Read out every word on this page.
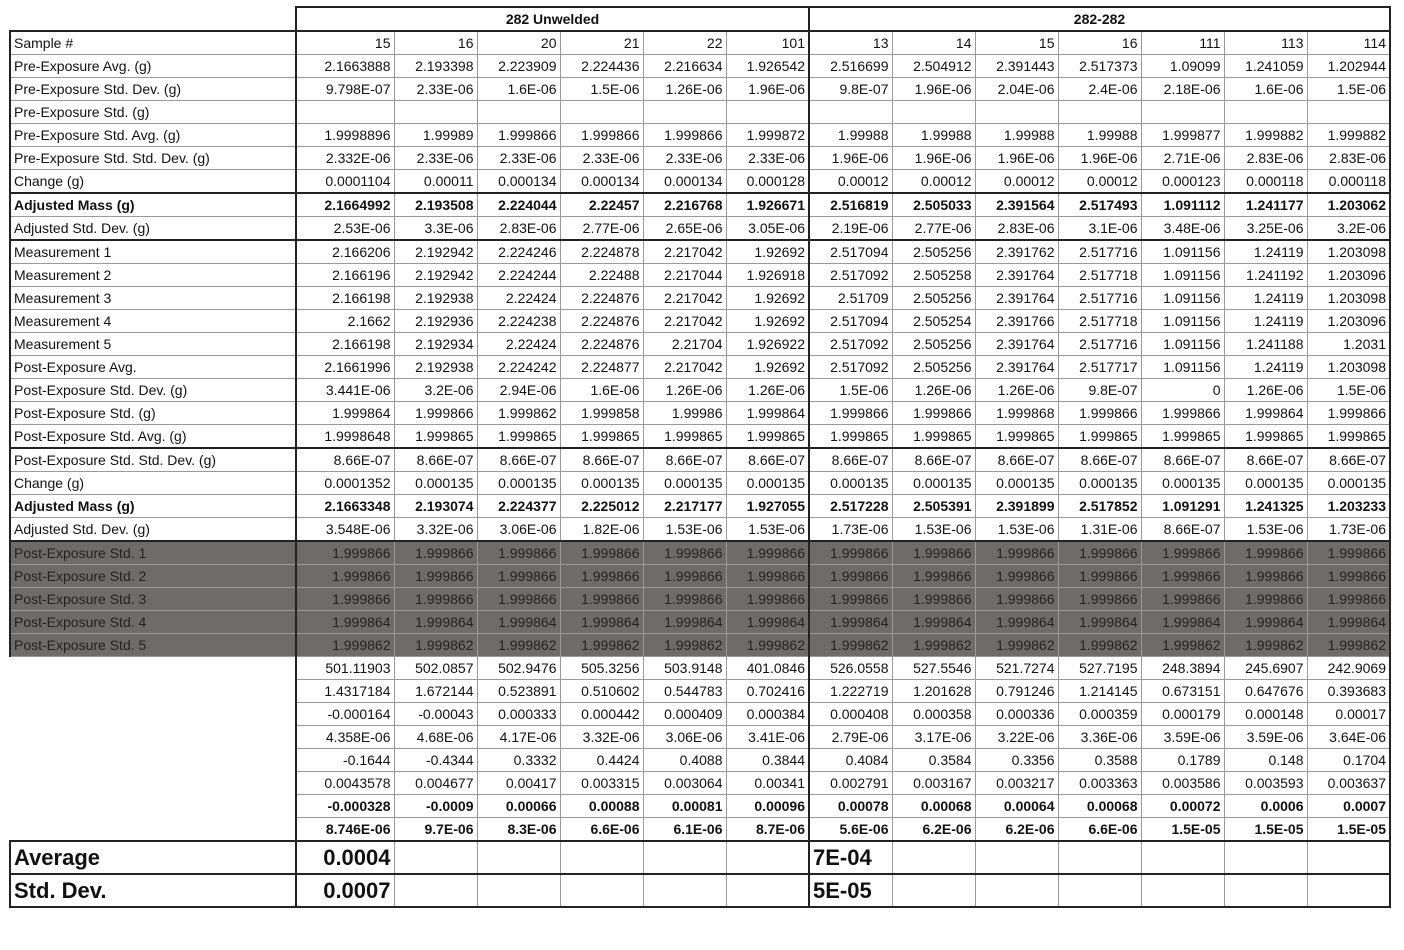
	282 Unwelded						282-282						
Sample #	15	16	20	21	22	101	13	14	15	16	111	113	114
Pre-Exposure Avg. (g)	2.1663888	2.193398	2.223909	2.224436	2.216634	1.926542	2.516699	2.504912	2.391443	2.517373	1.09099	1.241059	1.202944
Pre-Exposure Std. Dev. (g)	9.798E-07	2.33E-06	1.6E-06	1.5E-06	1.26E-06	1.96E-06	9.8E-07	1.96E-06	2.04E-06	2.4E-06	2.18E-06	1.6E-06	1.5E-06
Pre-Exposure Std. (g)													
Pre-Exposure Std. Avg. (g)	1.9998896	1.99989	1.999866	1.999866	1.999866	1.999872	1.99988	1.99988	1.99988	1.99988	1.999877	1.999882	1.999882
Pre-Exposure Std. Std. Dev. (g)	2.332E-06	2.33E-06	2.33E-06	2.33E-06	2.33E-06	2.33E-06	1.96E-06	1.96E-06	1.96E-06	1.96E-06	2.71E-06	2.83E-06	2.83E-06
Change (g)	0.0001104	0.00011	0.000134	0.000134	0.000134	0.000128	0.00012	0.00012	0.00012	0.00012	0.000123	0.000118	0.000118
Adjusted Mass (g)	2.1664992	2.193508	2.224044	2.22457	2.216768	1.926671	2.516819	2.505033	2.391564	2.517493	1.091112	1.241177	1.203062
Adjusted Std. Dev. (g)	2.53E-06	3.3E-06	2.83E-06	2.77E-06	2.65E-06	3.05E-06	2.19E-06	2.77E-06	2.83E-06	3.1E-06	3.48E-06	3.25E-06	3.2E-06
Measurement 1	2.166206	2.192942	2.224246	2.224878	2.217042	1.92692	2.517094	2.505256	2.391762	2.517716	1.091156	1.24119	1.203098
Measurement 2	2.166196	2.192942	2.224244	2.22488	2.217044	1.926918	2.517092	2.505258	2.391764	2.517718	1.091156	1.241192	1.203096
Measurement 3	2.166198	2.192938	2.22424	2.224876	2.217042	1.92692	2.51709	2.505256	2.391764	2.517716	1.091156	1.24119	1.203098
Measurement 4	2.1662	2.192936	2.224238	2.224876	2.217042	1.92692	2.517094	2.505254	2.391766	2.517718	1.091156	1.24119	1.203096
Measurement 5	2.166198	2.192934	2.22424	2.224876	2.21704	1.926922	2.517092	2.505256	2.391764	2.517716	1.091156	1.241188	1.2031
Post-Exposure Avg.	2.1661996	2.192938	2.224242	2.224877	2.217042	1.92692	2.517092	2.505256	2.391764	2.517717	1.091156	1.24119	1.203098
Post-Exposure Std. Dev. (g)	3.441E-06	3.2E-06	2.94E-06	1.6E-06	1.26E-06	1.26E-06	1.5E-06	1.26E-06	1.26E-06	9.8E-07	0	1.26E-06	1.5E-06
Post-Exposure Std. (g)	1.999864	1.999866	1.999862	1.999858	1.99986	1.999864	1.999866	1.999866	1.999868	1.999866	1.999866	1.999864	1.999866
Post-Exposure Std. Avg. (g)	1.9998648	1.999865	1.999865	1.999865	1.999865	1.999865	1.999865	1.999865	1.999865	1.999865	1.999865	1.999865	1.999865
Post-Exposure Std. Std. Dev. (g)	8.66E-07	8.66E-07	8.66E-07	8.66E-07	8.66E-07	8.66E-07	8.66E-07	8.66E-07	8.66E-07	8.66E-07	8.66E-07	8.66E-07	8.66E-07
Change (g)	0.0001352	0.000135	0.000135	0.000135	0.000135	0.000135	0.000135	0.000135	0.000135	0.000135	0.000135	0.000135	0.000135
Adjusted Mass (g)	2.1663348	2.193074	2.224377	2.225012	2.217177	1.927055	2.517228	2.505391	2.391899	2.517852	1.091291	1.241325	1.203233
Adjusted Std. Dev. (g)	3.548E-06	3.32E-06	3.06E-06	1.82E-06	1.53E-06	1.53E-06	1.73E-06	1.53E-06	1.53E-06	1.31E-06	8.66E-07	1.53E-06	1.73E-06
Post-Exposure Std. 1	1.999866	1.999866	1.999866	1.999866	1.999866	1.999866	1.999866	1.999866	1.999866	1.999866	1.999866	1.999866	1.999866
Post-Exposure Std. 2	1.999866	1.999866	1.999866	1.999866	1.999866	1.999866	1.999866	1.999866	1.999866	1.999866	1.999866	1.999866	1.999866
Post-Exposure Std. 3	1.999866	1.999866	1.999866	1.999866	1.999866	1.999866	1.999866	1.999866	1.999866	1.999866	1.999866	1.999866	1.999866
Post-Exposure Std. 4	1.999864	1.999864	1.999864	1.999864	1.999864	1.999864	1.999864	1.999864	1.999864	1.999864	1.999864	1.999864	1.999864
Post-Exposure Std. 5	1.999862	1.999862	1.999862	1.999862	1.999862	1.999862	1.999862	1.999862	1.999862	1.999862	1.999862	1.999862	1.999862
	501.11903	502.0857	502.9476	505.3256	503.9148	401.0846	526.0558	527.5546	521.7274	527.7195	248.3894	245.6907	242.9069
	1.4317184	1.672144	0.523891	0.510602	0.544783	0.702416	1.222719	1.201628	0.791246	1.214145	0.673151	0.647676	0.393683
	-0.000164	-0.00043	0.000333	0.000442	0.000409	0.000384	0.000408	0.000358	0.000336	0.000359	0.000179	0.000148	0.00017
	4.358E-06	4.68E-06	4.17E-06	3.32E-06	3.06E-06	3.41E-06	2.79E-06	3.17E-06	3.22E-06	3.36E-06	3.59E-06	3.59E-06	3.64E-06
	-0.1644	-0.4344	0.3332	0.4424	0.4088	0.3844	0.4084	0.3584	0.3356	0.3588	0.1789	0.148	0.1704
	0.0043578	0.004677	0.00417	0.003315	0.003064	0.00341	0.002791	0.003167	0.003217	0.003363	0.003586	0.003593	0.003637
	-0.000328	-0.0009	0.00066	0.00088	0.00081	0.00096	0.00078	0.00068	0.00064	0.00068	0.00072	0.0006	0.0007
	8.746E-06	9.7E-06	8.3E-06	6.6E-06	6.1E-06	8.7E-06	5.6E-06	6.2E-06	6.2E-06	6.6E-06	1.5E-05	1.5E-05	1.5E-05
Average	0.0004						7E-04						
Std. Dev.	0.0007						5E-05						
